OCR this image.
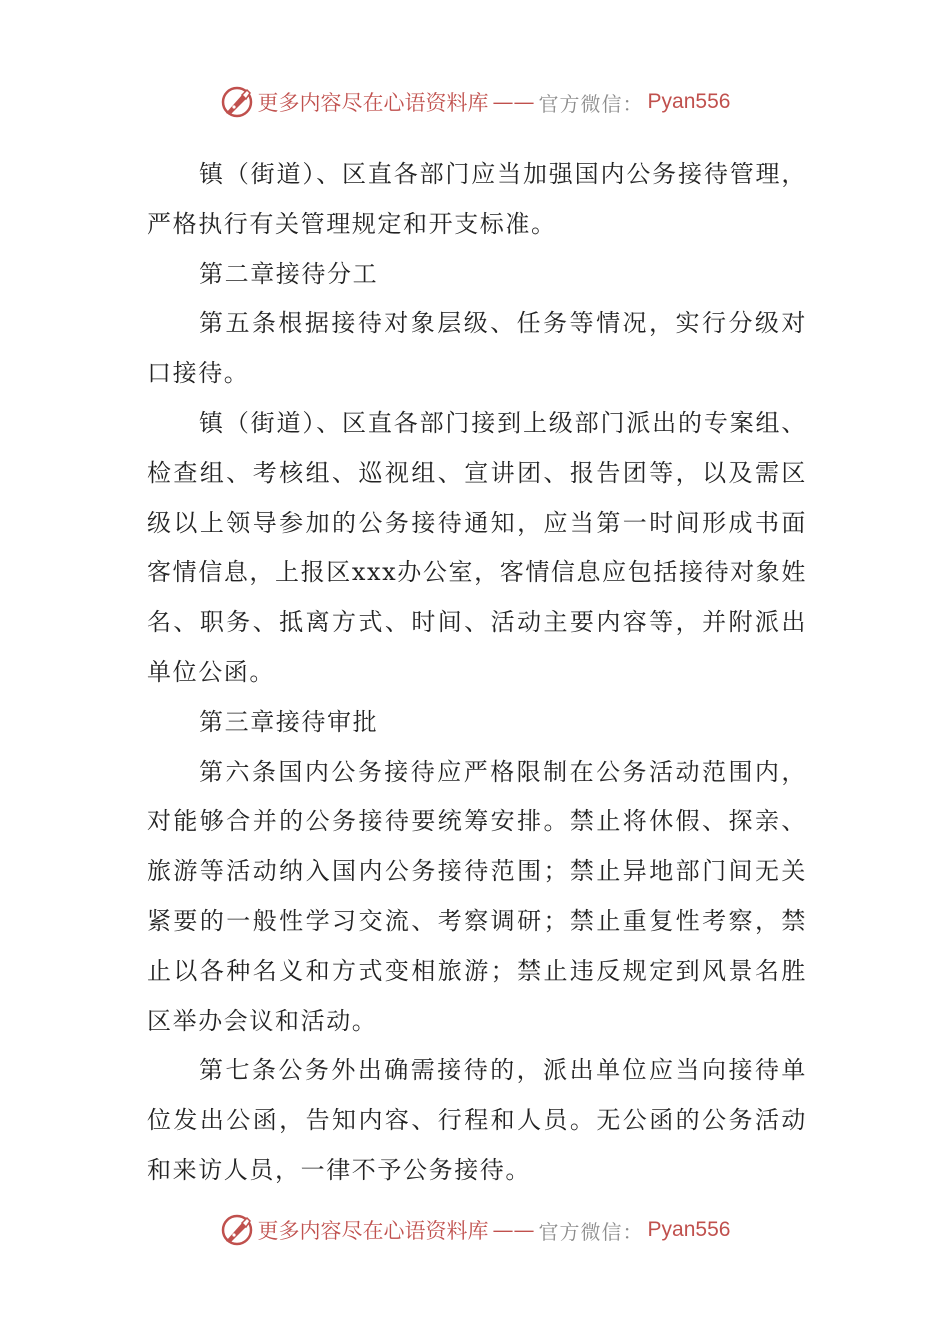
更多内容尽在心语资料库 —— 官方微信： Pyan556

镇（街道）、区直各部门应当加强国内公务接待管理，严格执行有关管理规定和开支标准。

第二章接待分工

第五条根据接待对象层级、任务等情况，实行分级对口接待。

镇（街道）、区直各部门接到上级部门派出的专案组、检查组、考核组、巡视组、宣讲团、报告团等，以及需区级以上领导参加的公务接待通知，应当第一时间形成书面客情信息，上报区xxx办公室，客情信息应包括接待对象姓名、职务、抵离方式、时间、活动主要内容等，并附派出单位公函。

第三章接待审批

第六条国内公务接待应严格限制在公务活动范围内，对能够合并的公务接待要统筹安排。禁止将休假、探亲、旅游等活动纳入国内公务接待范围；禁止异地部门间无关紧要的一般性学习交流、考察调研；禁止重复性考察，禁止以各种名义和方式变相旅游；禁止违反规定到风景名胜区举办会议和活动。

第七条公务外出确需接待的，派出单位应当向接待单位发出公函，告知内容、行程和人员。无公函的公务活动和来访人员，一律不予公务接待。

更多内容尽在心语资料库 —— 官方微信： Pyan556
